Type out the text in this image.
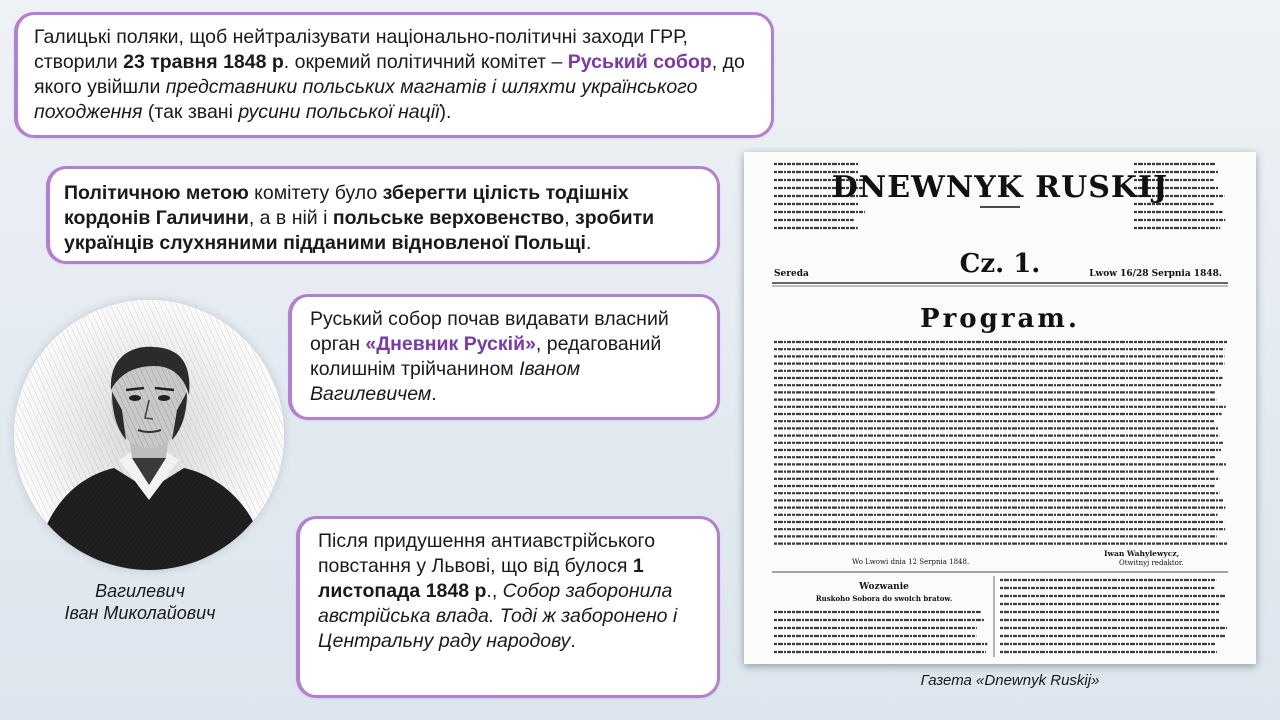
Галицькі поляки, щоб нейтралізувати національно-політичні заходи ГРР, створили 23 травня 1848 р. окремий політичний комітет – Руський собор, до якого увійшли представники польських магнатів і шляхти українського походження (так звані русини польської нації).
Політичною метою комітету було зберегти цілість тодішніх кордонів Галичини, а в ній і польське верховенство, зробити українців слухняними підданими відновленої Польщі.
Руський собор почав видавати власний орган «Дневник Рускій», редагований колишнім трійчанином Іваном Вагилевичем.
Після придушення антиавстрійського повстання у Львові, що від булося 1 листопада 1848 р., Собор заборонила австрійська влада. Тоді ж заборонено і Центральну раду народову.
Вагилевич
Іван Миколайович
DNEWNYK RUSKIJ
Cz. 1.
Sereda	Lwow 16/28 Serpnia 1848.
Program.
Iwan Wahylewycz,
Otwitnyj redaktor.
Wo Lwowi dnia 12 Serpnia 1848.
Wozwanie
Ruskoho Sobora do swoich bratow.
Газета «Dnewnyk Ruskij»
